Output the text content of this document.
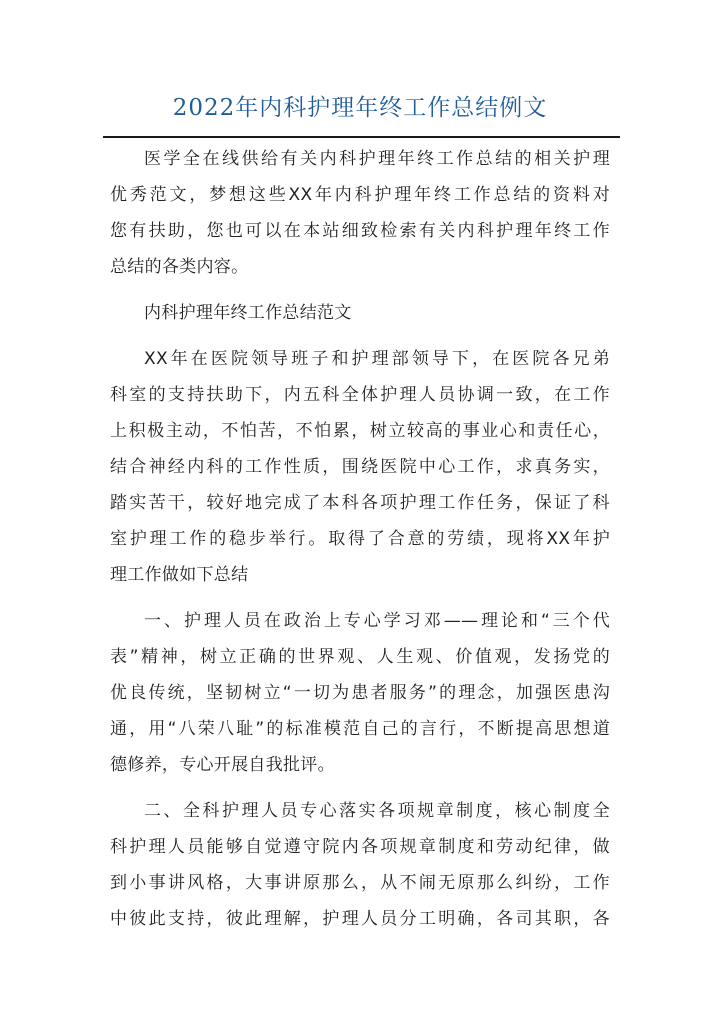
2022年内科护理年终工作总结例文
医学全在线供给有关内科护理年终工作总结的相关护理
优秀范文，梦想这些XX年内科护理年终工作总结的资料对
您有扶助，您也可以在本站细致检索有关内科护理年终工作
总结的各类内容。
内科护理年终工作总结范文
XX年在医院领导班子和护理部领导下，在医院各兄弟
科室的支持扶助下，内五科全体护理人员协调一致，在工作
上积极主动，不怕苦，不怕累，树立较高的事业心和责任心，
结合神经内科的工作性质，围绕医院中心工作，求真务实，
踏实苦干，较好地完成了本科各项护理工作任务，保证了科
室护理工作的稳步举行。取得了合意的劳绩，现将XX年护
理工作做如下总结
一、护理人员在政治上专心学习邓——理论和“三个代
表”精神，树立正确的世界观、人生观、价值观，发扬党的
优良传统，坚韧树立“一切为患者服务”的理念，加强医患沟
通，用“八荣八耻”的标准模范自己的言行，不断提高思想道
德修养，专心开展自我批评。
二、全科护理人员专心落实各项规章制度，核心制度全
科护理人员能够自觉遵守院内各项规章制度和劳动纪律，做
到小事讲风格，大事讲原那么，从不闹无原那么纠纷，工作
中彼此支持，彼此理解，护理人员分工明确，各司其职，各
